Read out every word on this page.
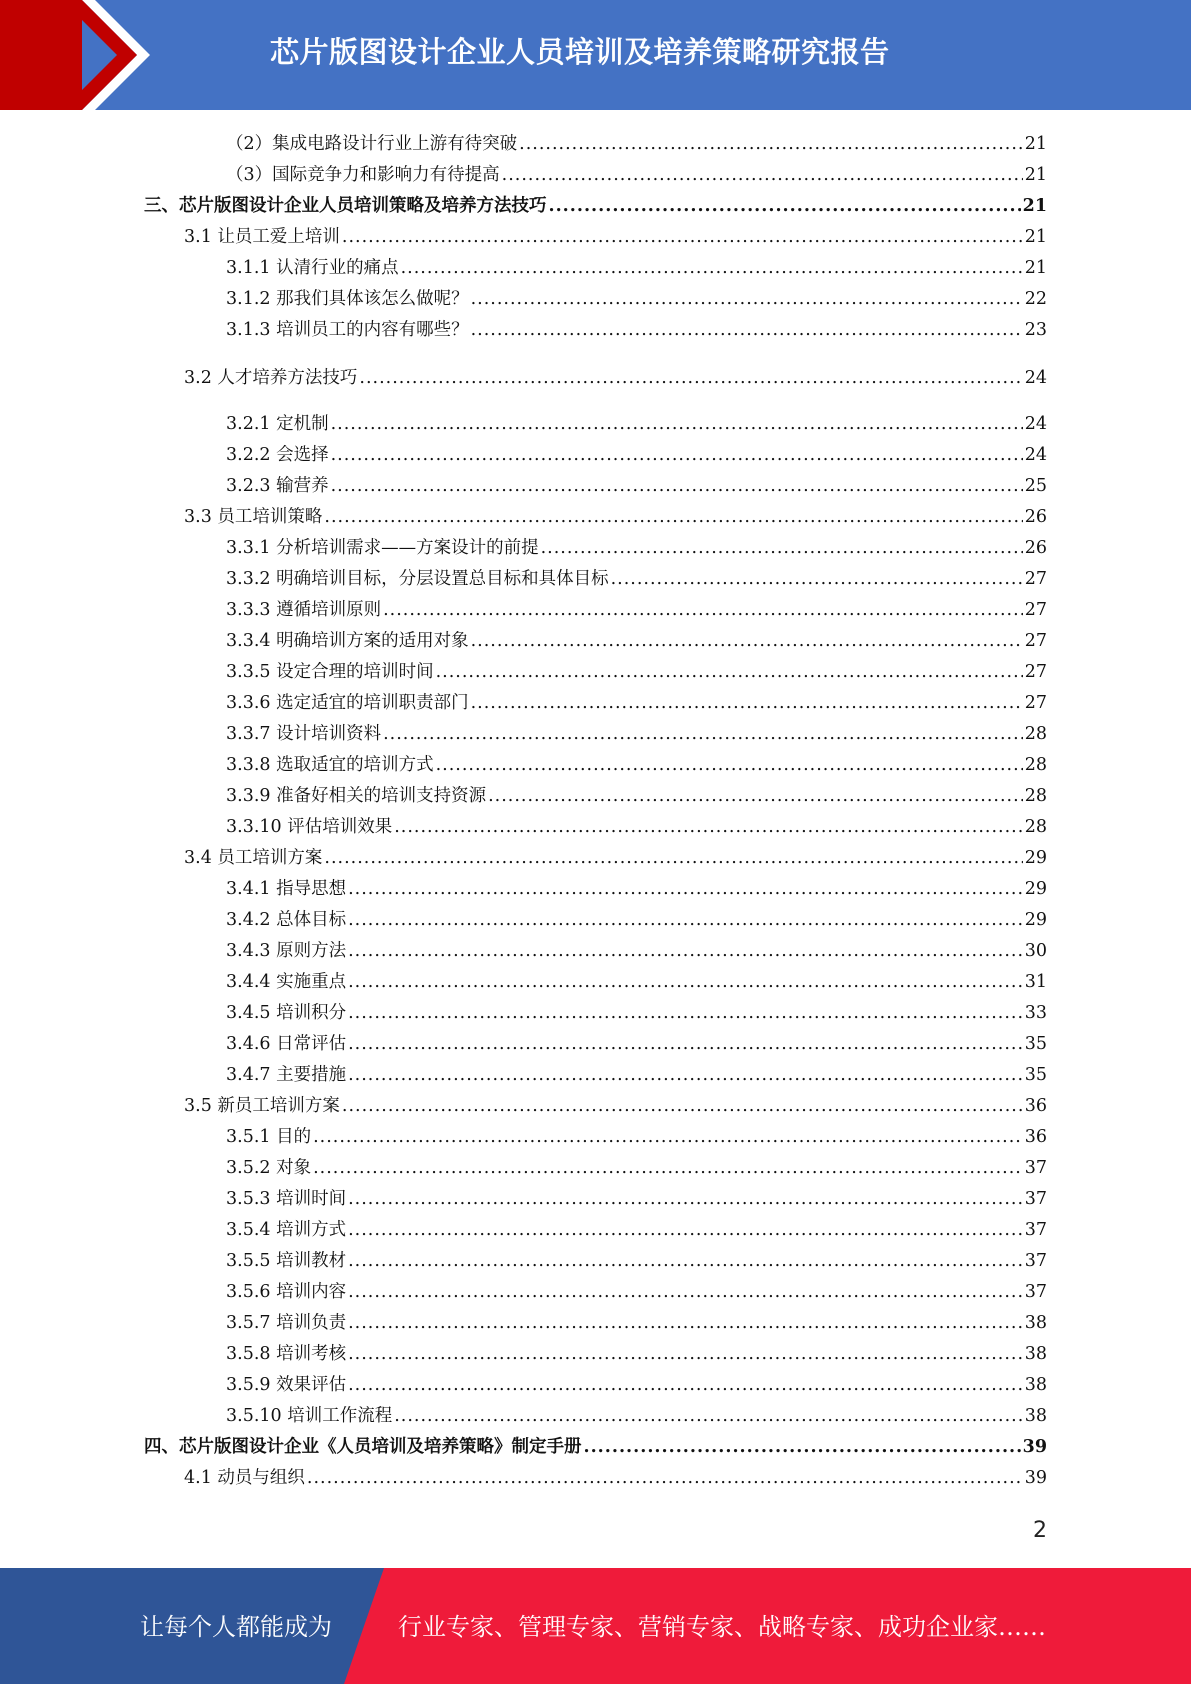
芯片版图设计企业人员培训及培养策略研究报告
（2）集成电路设计行业上游有待突破 .....	21
（3）国际竞争力和影响力有待提高 .....	21
三、芯片版图设计企业人员培训策略及培养方法技巧 .....	21
3.1 让员工爱上培训 .....	21
3.1.1 认清行业的痛点 .....	21
3.1.2 那我们具体该怎么做呢？ .....	22
3.1.3 培训员工的内容有哪些？ .....	23
3.2 人才培养方法技巧 .....	24
3.2.1 定机制 .....	24
3.2.2 会选择 .....	24
3.2.3 输营养 .....	25
3.3 员工培训策略 .....	26
3.3.1 分析培训需求——方案设计的前提 .....	26
3.3.2 明确培训目标，分层设置总目标和具体目标 .....	27
3.3.3 遵循培训原则 .....	27
3.3.4 明确培训方案的适用对象 .....	27
3.3.5 设定合理的培训时间 .....	27
3.3.6 选定适宜的培训职责部门 .....	27
3.3.7 设计培训资料 .....	28
3.3.8 选取适宜的培训方式 .....	28
3.3.9 准备好相关的培训支持资源 .....	28
3.3.10 评估培训效果 .....	28
3.4 员工培训方案 .....	29
3.4.1 指导思想 .....	29
3.4.2 总体目标 .....	29
3.4.3 原则方法 .....	30
3.4.4 实施重点 .....	31
3.4.5 培训积分 .....	33
3.4.6 日常评估 .....	35
3.4.7 主要措施 .....	35
3.5 新员工培训方案 .....	36
3.5.1 目的 .....	36
3.5.2 对象 .....	37
3.5.3 培训时间 .....	37
3.5.4 培训方式 .....	37
3.5.5 培训教材 .....	37
3.5.6 培训内容 .....	37
3.5.7 培训负责 .....	38
3.5.8 培训考核 .....	38
3.5.9 效果评估 .....	38
3.5.10 培训工作流程 .....	38
四、芯片版图设计企业《人员培训及培养策略》制定手册 .....	39
4.1 动员与组织 .....	39
2
让每个人都能成为	行业专家、管理专家、营销专家、战略专家、成功企业家……
